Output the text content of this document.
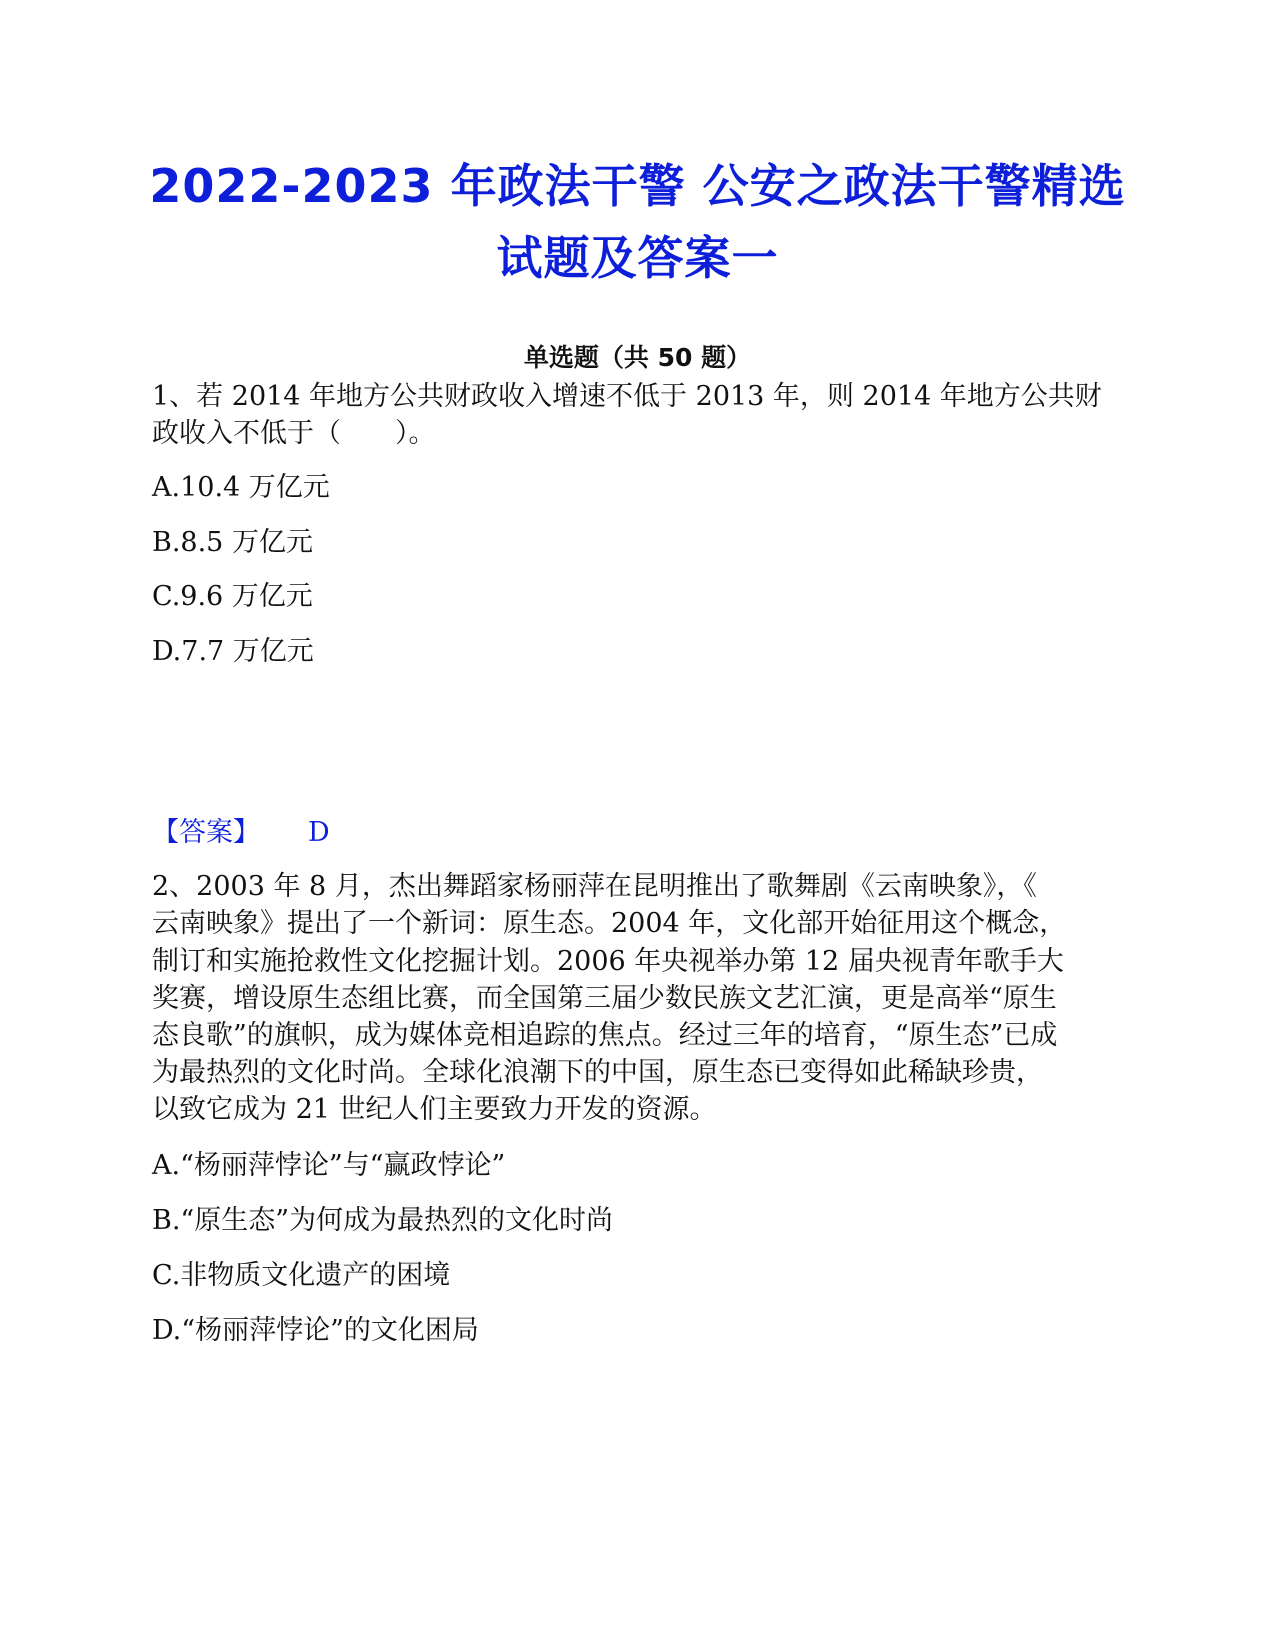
2022-2023 年政法干警 公安之政法干警精选
试题及答案一
单选题（共 50 题）

1、若 2014 年地方公共财政收入增速不低于 2013 年，则 2014 年地方公共财

政收入不低于（　　）。

A.10.4 万亿元

B.8.5 万亿元

C.9.6 万亿元

D.7.7 万亿元

【答案】 D

2、2003 年 8 月，杰出舞蹈家杨丽萍在昆明推出了歌舞剧《云南映象》，《

云南映象》提出了一个新词：原生态。2004 年，文化部开始征用这个概念，

制订和实施抢救性文化挖掘计划。2006 年央视举办第 12 届央视青年歌手大

奖赛，增设原生态组比赛，而全国第三届少数民族文艺汇演，更是高举“原生

态良歌”的旗帜，成为媒体竞相追踪的焦点。经过三年的培育，“原生态”已成

为最热烈的文化时尚。全球化浪潮下的中国，原生态已变得如此稀缺珍贵，

以致它成为 21 世纪人们主要致力开发的资源。

A.“杨丽萍悖论”与“赢政悖论”

B.“原生态”为何成为最热烈的文化时尚

C.非物质文化遗产的困境

D.“杨丽萍悖论”的文化困局
